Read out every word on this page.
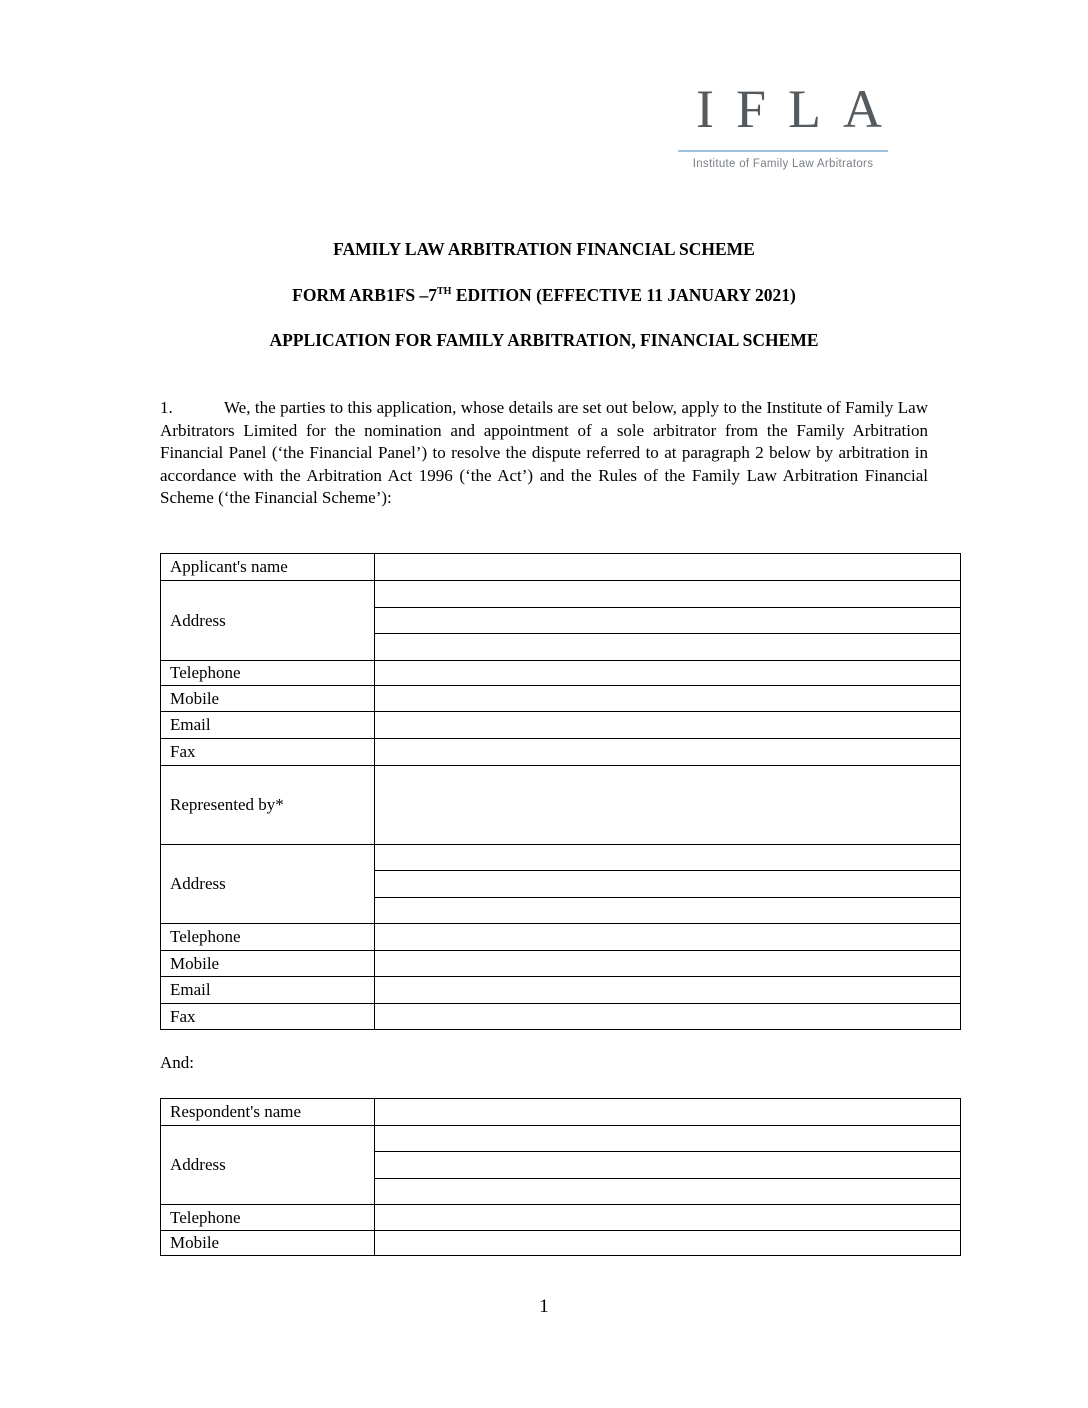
IFLA
Institute of Family Law Arbitrators
FAMILY LAW ARBITRATION FINANCIAL SCHEME
FORM ARB1FS –7TH EDITION (EFFECTIVE 11 JANUARY 2021)
APPLICATION FOR FAMILY ARBITRATION, FINANCIAL SCHEME
1.	We, the parties to this application, whose details are set out below, apply to the Institute of Family Law Arbitrators Limited for the nomination and appointment of a sole arbitrator from the Family Arbitration Financial Panel (‘the Financial Panel’) to resolve the dispute referred to at paragraph 2 below by arbitration in accordance with the Arbitration Act 1996 (‘the Act’) and the Rules of the Family Law Arbitration Financial Scheme (‘the Financial Scheme’):
Applicant's name	
Address	

Telephone	
Mobile	
Email	
Fax	
Represented by*	
Address	

Telephone	
Mobile	
Email	
Fax	
And:
Respondent's name	
Address	

Telephone	
Mobile	
1
